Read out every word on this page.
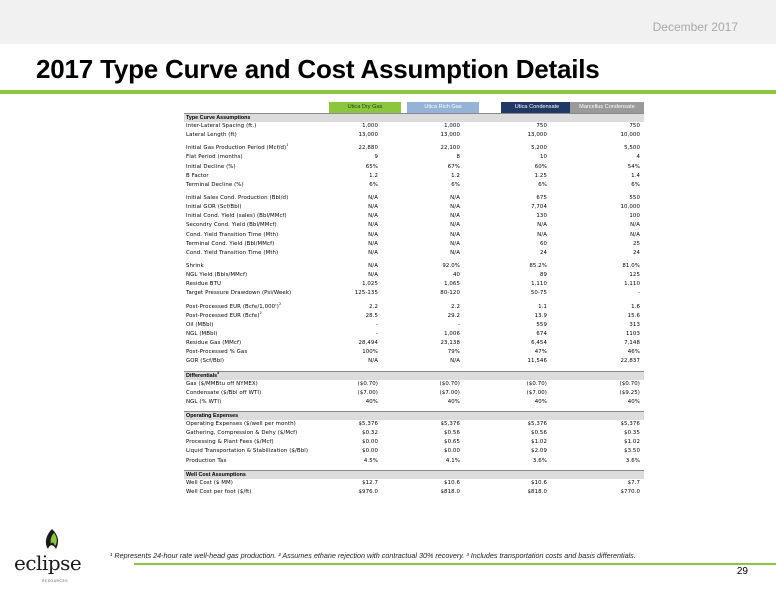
December 2017
2017 Type Curve and Cost Assumption Details
Utica Dry Gas	Utica Rich Gas	Utica Condensate	Marcellus Condensate
Type Curve Assumptions
Inter-Lateral Spacing (ft.)	1,000	1,000	750	750
Lateral Length (ft)	13,000	13,000	13,000	10,000
Initial Gas Production Period $(Mcf/d)^1$	22,880	22,100	5,200	5,500
Flat Period (months)	9	8	10	4
Initial Decline (%)	65%	67%	60%	54%
B Factor	1.2	1.2	1.25	1.4
Terminal Decline (%)	6%	6%	6%	6%
Initial Sales Cond. Production (Bbl/d)	N/A	N/A	675	550
Initial GOR (Scf/Bbl)	N/A	N/A	7,704	10,000
Initial Cond. Yield (sales) (Bbl/MMcf)	N/A	N/A	130	100
Secondry Cond. Yield (Bbl/MMcf)	N/A	N/A	N/A	N/A
Cond. Yield Transition Time (Mth)	N/A	N/A	N/A	N/A
Terminal Cond. Yield (Bbl/MMcf)	N/A	N/A	60	25
Cond. Yield Transition Time (Mth)	N/A	N/A	24	24
Shrink	N/A	92.0%	85.2%	81.0%
NGL Yield (Bbls/MMcf)	N/A	40	89	125
Residue BTU	1,025	1,065	1,110	1,110
Target Pressure Drawdown (Psi/Week)	125-135	80-120	50-75	-
Post-Processed EUR (Bcfe/1,000')$^2$	2.2	2.2	1.1	1.6
Post-Processed EUR (Bcfe)$^2$	28.5	29.2	13.9	15.6
Oil (MBbl)	-	-	559	313
NGL (MBbl)	-	1,006	674	1103
Residue Gas (MMcf)	28,494	23,138	6,454	7,148
Post-Processed % Gas	100%	79%	47%	46%
GOR (Scf/Bbl)	N/A	N/A	11,546	22,837
Differentials$^3$
Gas ($/MMBtu off NYMEX)	($0.70)	($0.70)	($0.70)	($0.70)
Condensate ($/Bbl off WTI)	($7.00)	($7.00)	($7.00)	($9.25)
NGL (% WTI)	40%	40%	40%	40%
Operating Expenses
Operating Expenses ($/well per month)	$5,376	$5,376	$5,376	$5,376
Gathering, Compression & Dehy ($/Mcf)	$0.32	$0.56	$0.56	$0.35
Processing & Plant Fees ($/Mcf)	$0.00	$0.65	$1.02	$1.02
Liquid Transportation & Stabilization ($/Bbl)	$0.00	$0.00	$2.09	$3.50
Production Tax	4.5%	4.1%	3.6%	3.6%
Well Cost Assumptions
Well Cost ($ MM)	$12.7	$10.6	$10.6	$7.7
Well Cost per foot ($/ft)	$976.0	$818.0	$818.0	$770.0
eclipse
RESOURCES
¹ Represents 24-hour rate well-head gas production. ² Assumes ethane rejection with contractual 30% recovery. ³ Includes transportation costs and basis differentials.
29
